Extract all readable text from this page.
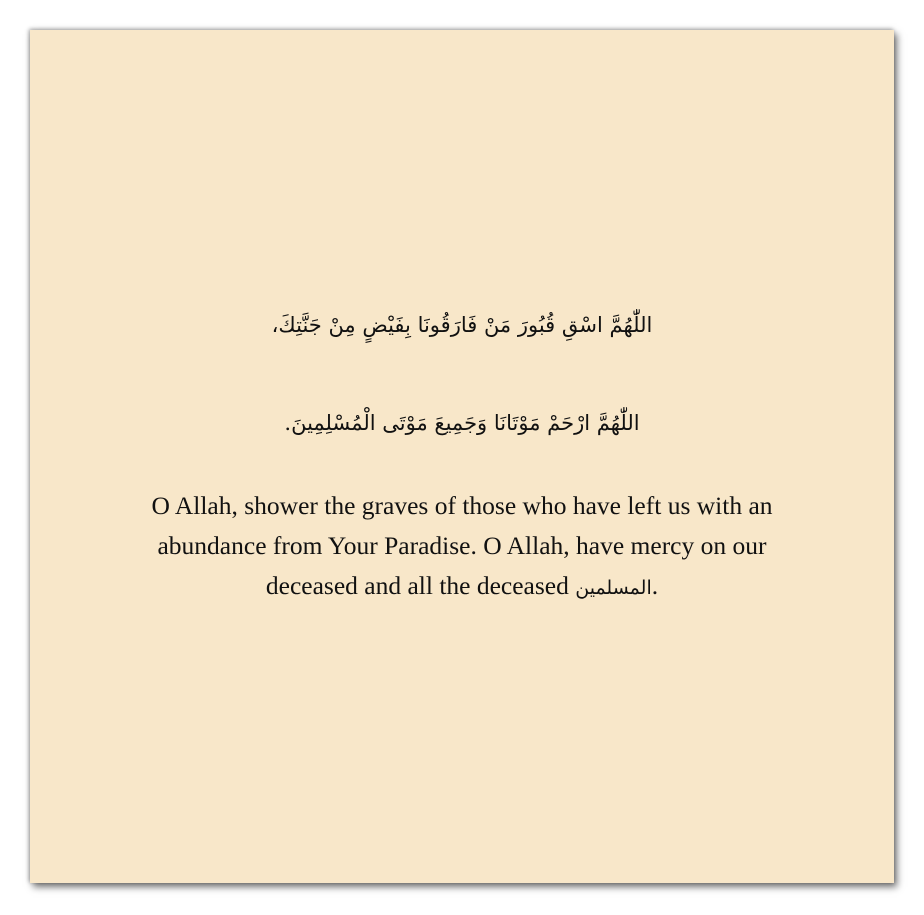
اللّٰهُمَّ اسْقِ قُبُورَ مَنْ فَارَقُونَا بِفَيْضٍ مِنْ جَنَّتِكَ،
اللّٰهُمَّ ارْحَمْ مَوْتَانَا وَجَمِيعَ مَوْتَى الْمُسْلِمِينَ.
O Allah, shower the graves of those who have left us with an
abundance from Your Paradise. O Allah, have mercy on our
deceased and all the deceased المسلمين.
